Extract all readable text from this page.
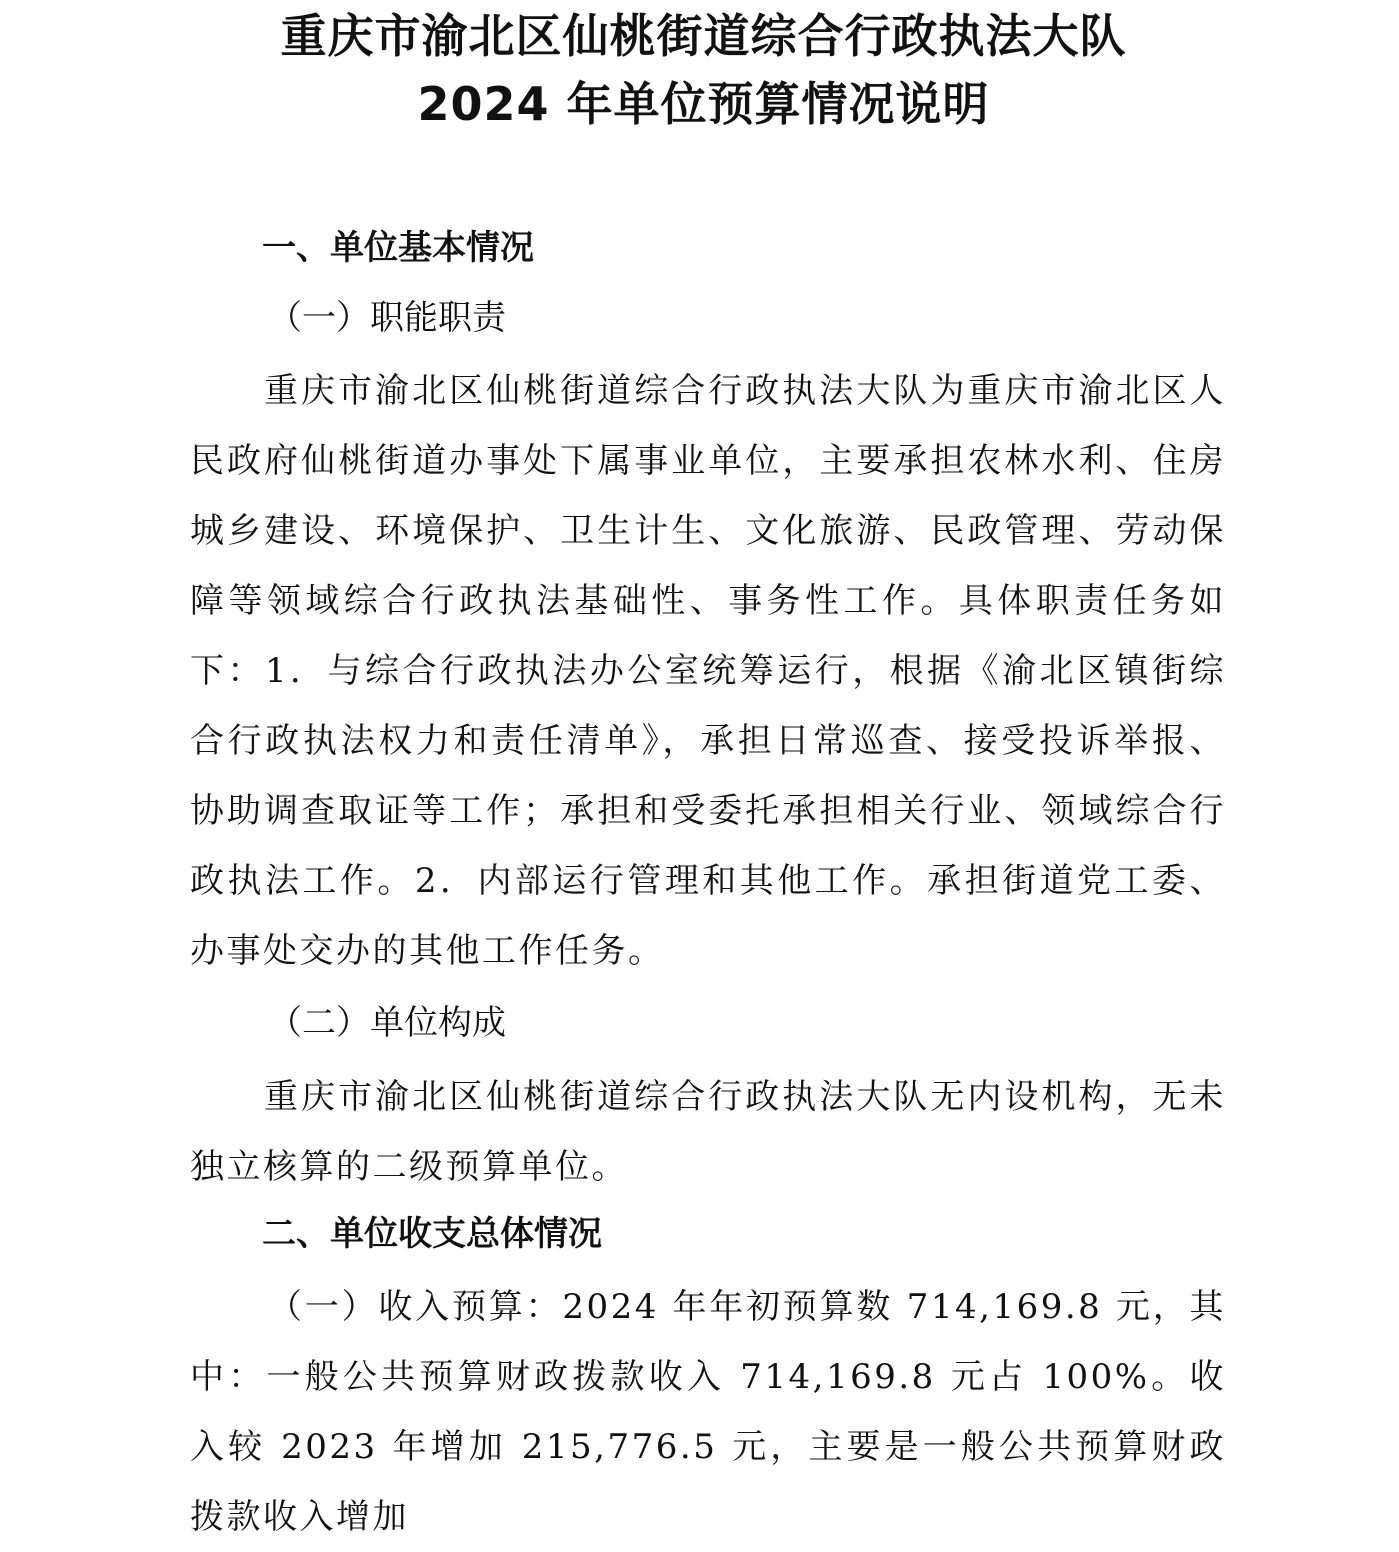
重庆市渝北区仙桃街道综合行政执法大队
2024 年单位预算情况说明
一、单位基本情况
（一）职能职责
重庆市渝北区仙桃街道综合行政执法大队为重庆市渝北区人民政府仙桃街道办事处下属事业单位，主要承担农林水利、住房城乡建设、环境保护、卫生计生、文化旅游、民政管理、劳动保障等领域综合行政执法基础性、事务性工作。具体职责任务如下：1．与综合行政执法办公室统筹运行，根据《渝北区镇街综合行政执法权力和责任清单》，承担日常巡查、接受投诉举报、协助调查取证等工作；承担和受委托承担相关行业、领域综合行政执法工作。2．内部运行管理和其他工作。承担街道党工委、办事处交办的其他工作任务。
（二）单位构成
重庆市渝北区仙桃街道综合行政执法大队无内设机构，无未独立核算的二级预算单位。
二、单位收支总体情况
（一）收入预算：2024 年年初预算数 714,169.8 元，其中：一般公共预算财政拨款收入 714,169.8 元占 100%。收入较 2023 年增加 215,776.5 元，主要是一般公共预算财政拨款收入增加
